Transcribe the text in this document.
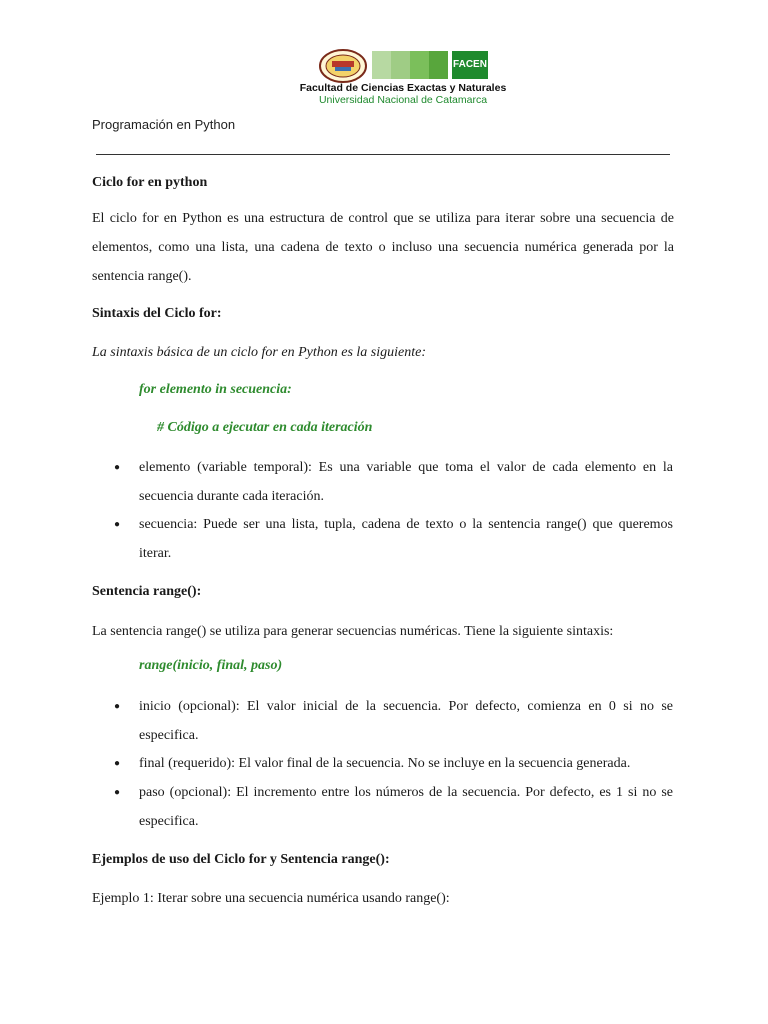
FACEN
Facultad de Ciencias Exactas y Naturales
Universidad Nacional de Catamarca
Programación en Python

Ciclo for en python

El ciclo for en Python es una estructura de control que se utiliza para iterar sobre una secuencia de elementos, como una lista, una cadena de texto o incluso una secuencia numérica generada por la sentencia range().

Sintaxis del Ciclo for:

La sintaxis básica de un ciclo for en Python es la siguiente:

for elemento in secuencia:

# Código a ejecutar en cada iteración

● elemento (variable temporal): Es una variable que toma el valor de cada elemento en la secuencia durante cada iteración.

● secuencia: Puede ser una lista, tupla, cadena de texto o la sentencia range() que queremos iterar.

Sentencia range():

La sentencia range() se utiliza para generar secuencias numéricas. Tiene la siguiente sintaxis:

range(inicio, final, paso)

● inicio (opcional): El valor inicial de la secuencia. Por defecto, comienza en 0 si no se especifica.

● final (requerido): El valor final de la secuencia. No se incluye en la secuencia generada.

● paso (opcional): El incremento entre los números de la secuencia. Por defecto, es 1 si no se especifica.

Ejemplos de uso del Ciclo for y Sentencia range():

Ejemplo 1: Iterar sobre una secuencia numérica usando range():
